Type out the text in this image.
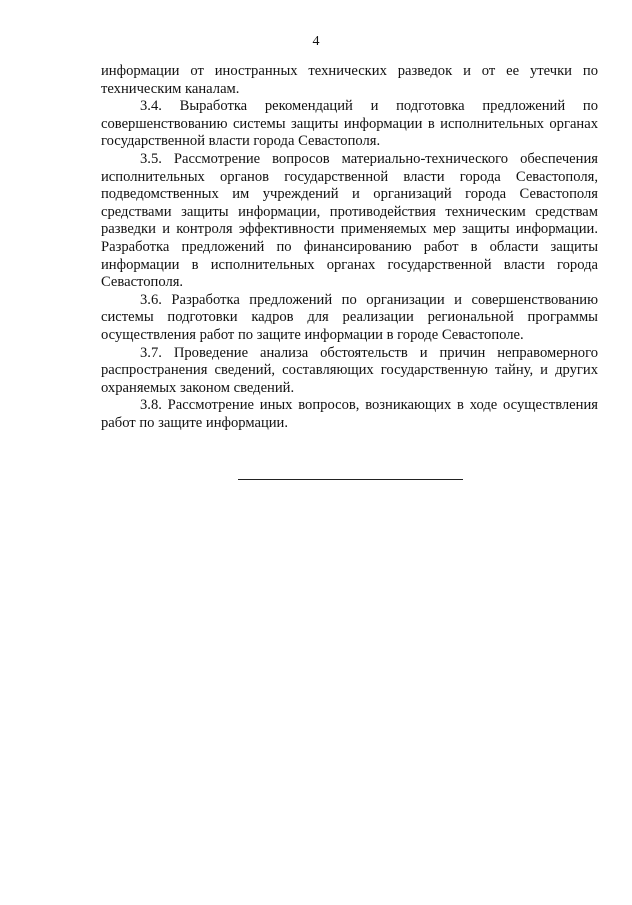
4

информации от иностранных технических разведок и от ее утечки по техническим каналам.

3.4. Выработка рекомендаций и подготовка предложений по совершенствованию системы защиты информации в исполнительных органах государственной власти города Севастополя.

3.5. Рассмотрение вопросов материально-технического обеспечения исполнительных органов государственной власти города Севастополя, подведомственных им учреждений и организаций города Севастополя средствами защиты информации, противодействия техническим средствам разведки и контроля эффективности применяемых мер защиты информации. Разработка предложений по финансированию работ в области защиты информации в исполнительных органах государственной власти города Севастополя.

3.6. Разработка предложений по организации и совершенствованию системы подготовки кадров для реализации региональной программы осуществления работ по защите информации в городе Севастополе.

3.7. Проведение анализа обстоятельств и причин неправомерного распространения сведений, составляющих государственную тайну, и других охраняемых законом сведений.

3.8. Рассмотрение иных вопросов, возникающих в ходе осуществления работ по защите информации.
